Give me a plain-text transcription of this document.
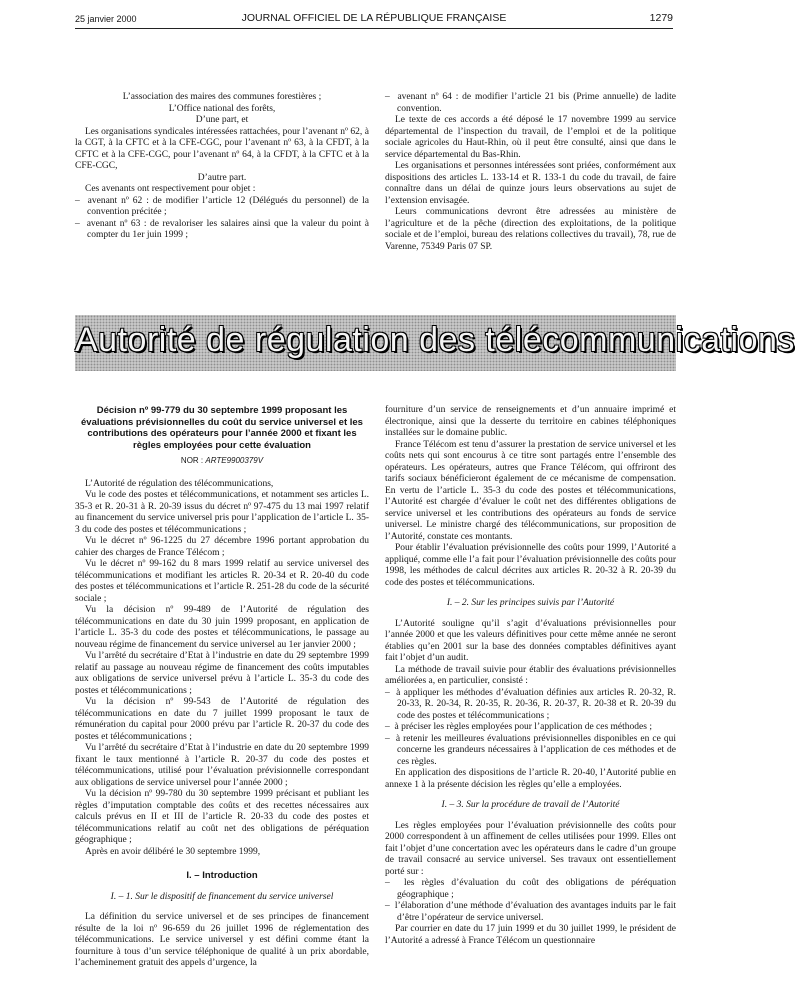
25 janvier 2000	JOURNAL OFFICIEL DE LA RÉPUBLIQUE FRANÇAISE	1279

L’association des maires des communes forestières ;

L’Office national des forêts,

D’une part, et

Les organisations syndicales intéressées rattachées, pour l’avenant nº 62, à la CGT, à la CFTC et à la CFE-CGC, pour l’avenant nº 63, à la CFDT, à la CFTC et à la CFE-CGC, pour l’avenant nº 64, à la CFDT, à la CFTC et à la CFE-CGC,

D’autre part.

Ces avenants ont respectivement pour objet :

–  avenant nº 62 : de modifier l’article 12 (Délégués du personnel) de la convention précitée ;

–  avenant nº 63 : de revaloriser les salaires ainsi que la valeur du point à compter du 1er juin 1999 ;

–  avenant nº 64 : de modifier l’article 21 bis (Prime annuelle) de ladite convention.

Le texte de ces accords a été déposé le 17 novembre 1999 au service départemental de l’inspection du travail, de l’emploi et de la politique sociale agricoles du Haut-Rhin, où il peut être consulté, ainsi que dans le service départemental du Bas-Rhin.

Les organisations et personnes intéressées sont priées, conformément aux dispositions des articles L. 133-14 et R. 133-1 du code du travail, de faire connaître dans un délai de quinze jours leurs observations au sujet de l’extension envisagée.

Leurs communications devront être adressées au ministère de l’agriculture et de la pêche (direction des exploitations, de la politique sociale et de l’emploi, bureau des relations collectives du travail), 78, rue de Varenne, 75349 Paris 07 SP.

Autorité de régulation des télécommunications
Décision nº 99-779 du 30 septembre 1999 proposant les évaluations prévisionnelles du coût du service universel et les contributions des opérateurs pour l’année 2000 et fixant les règles employées pour cette évaluation
NOR : ARTE9900379V

L’Autorité de régulation des télécommunications,

Vu le code des postes et télécommunications, et notamment ses articles L. 35-3 et R. 20-31 à R. 20-39 issus du décret nº 97-475 du 13 mai 1997 relatif au financement du service universel pris pour l’application de l’article L. 35-3 du code des postes et télécommunications ;

Vu le décret nº 96-1225 du 27 décembre 1996 portant approbation du cahier des charges de France Télécom ;

Vu le décret nº 99-162 du 8 mars 1999 relatif au service universel des télécommunications et modifiant les articles R. 20-34 et R. 20-40 du code des postes et télécommunications et l’article R. 251-28 du code de la sécurité sociale ;

Vu la décision nº 99-489 de l’Autorité de régulation des télécommunications en date du 30 juin 1999 proposant, en application de l’article L. 35-3 du code des postes et télécommunications, le passage au nouveau régime de financement du service universel au 1er janvier 2000 ;

Vu l’arrêté du secrétaire d’Etat à l’industrie en date du 29 septembre 1999 relatif au passage au nouveau régime de financement des coûts imputables aux obligations de service universel prévu à l’article L. 35-3 du code des postes et télécommunications ;

Vu la décision nº 99-543 de l’Autorité de régulation des télécommunications en date du 7 juillet 1999 proposant le taux de rémunération du capital pour 2000 prévu par l’article R. 20-37 du code des postes et télécommunications ;

Vu l’arrêté du secrétaire d’Etat à l’industrie en date du 20 septembre 1999 fixant le taux mentionné à l’article R. 20-37 du code des postes et télécommunications, utilisé pour l’évaluation prévisionnelle correspondant aux obligations de service universel pour l’année 2000 ;

Vu la décision nº 99-780 du 30 septembre 1999 précisant et publiant les règles d’imputation comptable des coûts et des recettes nécessaires aux calculs prévus en II et III de l’article R. 20-33 du code des postes et télécommunications relatif au coût net des obligations de péréquation géographique ;

Après en avoir délibéré le 30 septembre 1999,

I. – Introduction

I. – 1. Sur le dispositif de financement du service universel

La définition du service universel et de ses principes de financement résulte de la loi nº 96-659 du 26 juillet 1996 de réglementation des télécommunications. Le service universel y est défini comme étant la fourniture à tous d’un service téléphonique de qualité à un prix abordable, l’acheminement gratuit des appels d’urgence, la

fourniture d’un service de renseignements et d’un annuaire imprimé et électronique, ainsi que la desserte du territoire en cabines téléphoniques installées sur le domaine public.

France Télécom est tenu d’assurer la prestation de service universel et les coûts nets qui sont encourus à ce titre sont partagés entre l’ensemble des opérateurs. Les opérateurs, autres que France Télécom, qui offriront des tarifs sociaux bénéficieront également de ce mécanisme de compensation. En vertu de l’article L. 35-3 du code des postes et télécommunications, l’Autorité est chargée d’évaluer le coût net des différentes obligations de service universel et les contributions des opérateurs au fonds de service universel. Le ministre chargé des télécommunications, sur proposition de l’Autorité, constate ces montants.

Pour établir l’évaluation prévisionnelle des coûts pour 1999, l’Autorité a appliqué, comme elle l’a fait pour l’évaluation prévisionnelle des coûts pour 1998, les méthodes de calcul décrites aux articles R. 20-32 à R. 20-39 du code des postes et télécommunications.

I. – 2. Sur les principes suivis par l’Autorité

L’Autorité souligne qu’il s’agit d’évaluations prévisionnelles pour l’année 2000 et que les valeurs définitives pour cette même année ne seront établies qu’en 2001 sur la base des données comptables définitives ayant fait l’objet d’un audit.

La méthode de travail suivie pour établir des évaluations prévisionnelles améliorées a, en particulier, consisté :

–  à appliquer les méthodes d’évaluation définies aux articles R. 20-32, R. 20-33, R. 20-34, R. 20-35, R. 20-36, R. 20-37, R. 20-38 et R. 20-39 du code des postes et télécommunications ;

–  à préciser les règles employées pour l’application de ces méthodes ;

–  à retenir les meilleures évaluations prévisionnelles disponibles en ce qui concerne les grandeurs nécessaires à l’application de ces méthodes et de ces règles.

En application des dispositions de l’article R. 20-40, l’Autorité publie en annexe 1 à la présente décision les règles qu’elle a employées.

I. – 3. Sur la procédure de travail de l’Autorité

Les règles employées pour l’évaluation prévisionnelle des coûts pour 2000 correspondent à un affinement de celles utilisées pour 1999. Elles ont fait l’objet d’une concertation avec les opérateurs dans le cadre d’un groupe de travail consacré au service universel. Ses travaux ont essentiellement porté sur :

–  les règles d’évaluation du coût des obligations de péréquation géographique ;

–  l’élaboration d’une méthode d’évaluation des avantages induits par le fait d’être l’opérateur de service universel.

Par courrier en date du 17 juin 1999 et du 30 juillet 1999, le président de l’Autorité a adressé à France Télécom un questionnaire
